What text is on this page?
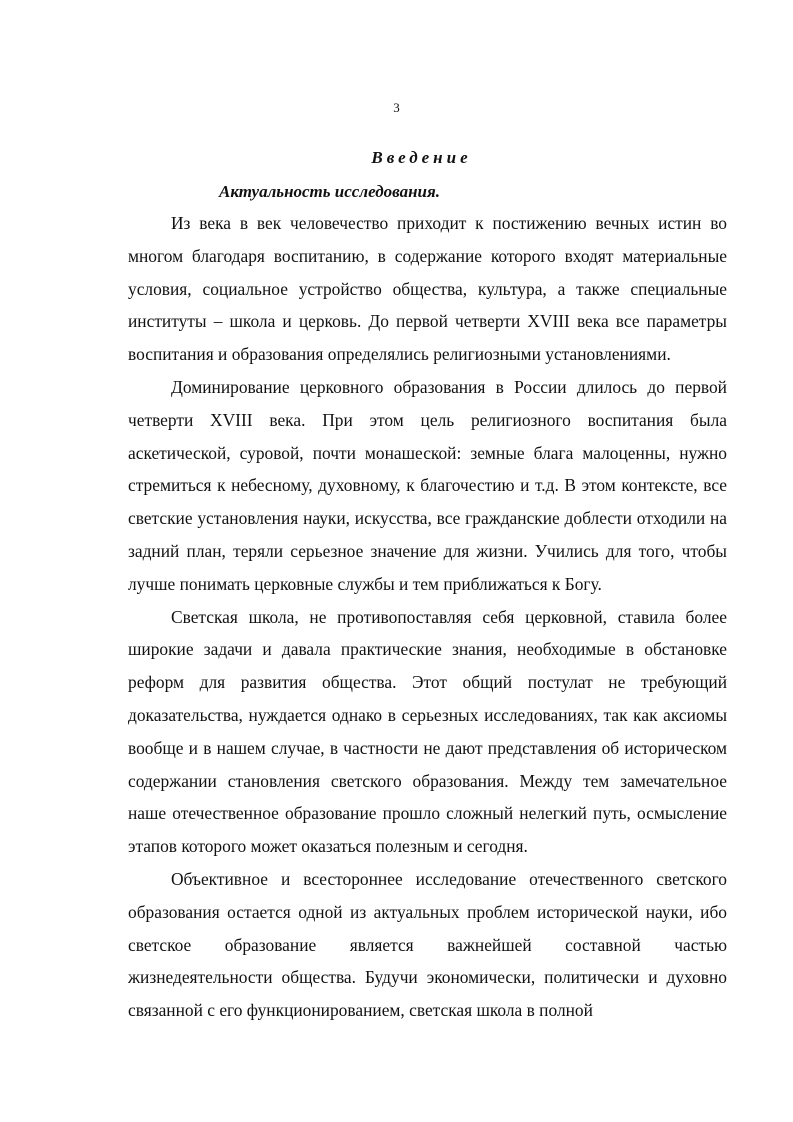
3
Введение
Актуальность исследования.

Из века в век человечество приходит к постижению вечных истин во многом благодаря воспитанию, в содержание которого входят материальные условия, социальное устройство общества, культура, а также специальные институты – школа и церковь. До первой четверти XVIII века все параметры воспитания и образования определялись религиозными установлениями.

Доминирование церковного образования в России длилось до первой четверти XVIII века. При этом цель религиозного воспитания была аскетической, суровой, почти монашеской: земные блага малоценны, нужно стремиться к небесному, духовному, к благочестию и т.д. В этом контексте, все светские установления науки, искусства, все гражданские доблести отходили на задний план, теряли серьезное значение для жизни. Учились для того, чтобы лучше понимать церковные службы и тем приближаться к Богу.

Светская школа, не противопоставляя себя церковной, ставила более широкие задачи и давала практические знания, необходимые в обстановке реформ для развития общества. Этот общий постулат не требующий доказательства, нуждается однако в серьезных исследованиях, так как аксиомы вообще и в нашем случае, в частности не дают представления об историческом содержании становления светского образования. Между тем замечательное наше отечественное образование прошло сложный нелегкий путь, осмысление этапов которого может оказаться полезным и сегодня.

Объективное и всестороннее исследование отечественного светского образования остается одной из актуальных проблем исторической науки, ибо светское образование является важнейшей составной частью жизнедеятельности общества. Будучи экономически, политически и духовно связанной с его функционированием, светская школа в полной
